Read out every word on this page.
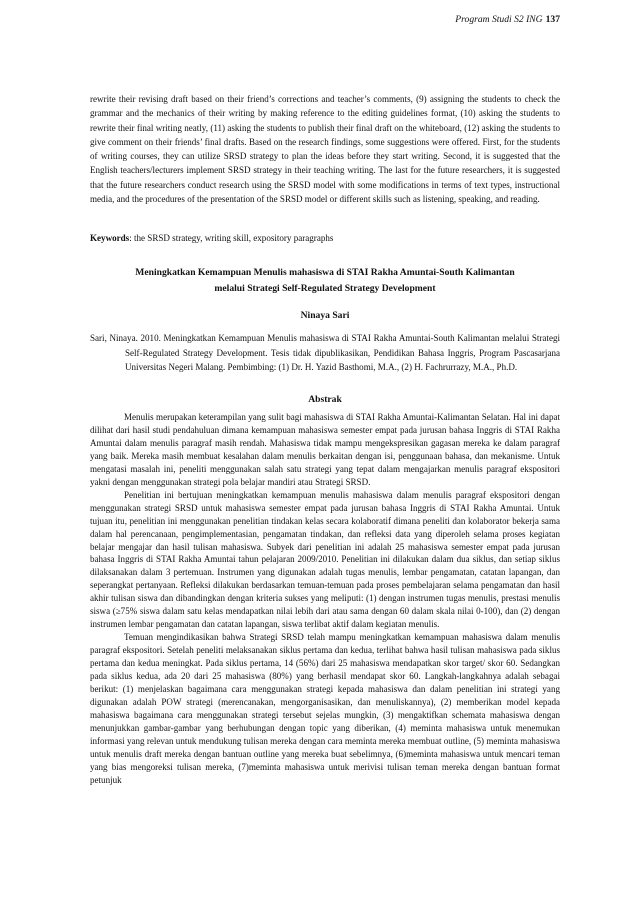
Program Studi S2 ING 137

rewrite their revising draft based on their friend’s corrections and teacher’s comments, (9) assigning the students to check the grammar and the mechanics of their writing by making reference to the editing guidelines format, (10) asking the students to rewrite their final writing neatly, (11) asking the students to publish their final draft on the whiteboard, (12) asking the students to give comment on their friends’ final drafts. Based on the research findings, some suggestions were offered. First, for the students of writing courses, they can utilize SRSD strategy to plan the ideas before they start writing. Second, it is suggested that the English teachers/lecturers implement SRSD strategy in their teaching writing. The last for the future researchers, it is suggested that the future researchers conduct research using the SRSD model with some modifications in terms of text types, instructional media, and the procedures of the presentation of the SRSD model or different skills such as listening, speaking, and reading.

Keywords: the SRSD strategy, writing skill, expository paragraphs
Meningkatkan Kemampuan Menulis mahasiswa di STAI Rakha Amuntai-South Kalimantan
melalui Strategi Self-Regulated Strategy Development
Ninaya Sari

Sari, Ninaya. 2010. Meningkatkan Kemampuan Menulis mahasiswa di STAI Rakha Amuntai-South Kalimantan melalui Strategi Self-Regulated Strategy Development. Tesis tidak dipublikasikan, Pendidikan Bahasa Inggris, Program Pascasarjana Universitas Negeri Malang. Pembimbing: (1) Dr. H. Yazid Basthomi, M.A., (2) H. Fachrurrazy, M.A., Ph.D.

Abstrak

Menulis merupakan keterampilan yang sulit bagi mahasiswa di STAI Rakha Amuntai-Kalimantan Selatan. Hal ini dapat dilihat dari hasil studi pendahuluan dimana kemampuan mahasiswa semester empat pada jurusan bahasa Inggris di STAI Rakha Amuntai dalam menulis paragraf masih rendah. Mahasiswa tidak mampu mengekspresikan gagasan mereka ke dalam paragraf yang baik. Mereka masih membuat kesalahan dalam menulis berkaitan dengan isi, penggunaan bahasa, dan mekanisme. Untuk mengatasi masalah ini, peneliti menggunakan salah satu strategi yang tepat dalam mengajarkan menulis paragraf ekspositori yakni dengan menggunakan strategi pola belajar mandiri atau Strategi SRSD.

Penelitian ini bertujuan meningkatkan kemampuan menulis mahasiswa dalam menulis paragraf ekspositori dengan menggunakan strategi SRSD untuk mahasiswa semester empat pada jurusan bahasa Inggris di STAI Rakha Amuntai. Untuk tujuan itu, penelitian ini menggunakan penelitian tindakan kelas secara kolaboratif dimana peneliti dan kolaborator bekerja sama dalam hal perencanaan, pengimplementasian, pengamatan tindakan, dan refleksi data yang diperoleh selama proses kegiatan belajar mengajar dan hasil tulisan mahasiswa. Subyek dari penelitian ini adalah 25 mahasiswa semester empat pada jurusan bahasa Inggris di STAI Rakha Amuntai tahun pelajaran 2009/2010. Penelitian ini dilakukan dalam dua siklus, dan setiap siklus dilaksanakan dalam 3 pertemuan. Instrumen yang digunakan adalah tugas menulis, lembar pengamatan, catatan lapangan, dan seperangkat pertanyaan. Refleksi dilakukan berdasarkan temuan-temuan pada proses pembelajaran selama pengamatan dan hasil akhir tulisan siswa dan dibandingkan dengan kriteria sukses yang meliputi: (1) dengan instrumen tugas menulis, prestasi menulis siswa (≥75% siswa dalam satu kelas mendapatkan nilai lebih dari atau sama dengan 60 dalam skala nilai 0-100), dan (2) dengan instrumen lembar pengamatan dan catatan lapangan, siswa terlibat aktif dalam kegiatan menulis.

Temuan mengindikasikan bahwa Strategi SRSD telah mampu meningkatkan kemampuan mahasiswa dalam menulis paragraf ekspositori. Setelah peneliti melaksanakan siklus pertama dan kedua, terlihat bahwa hasil tulisan mahasiswa pada siklus pertama dan kedua meningkat. Pada siklus pertama, 14 (56%) dari 25 mahasiswa mendapatkan skor target/ skor 60. Sedangkan pada siklus kedua, ada 20 dari 25 mahasiswa (80%) yang berhasil mendapat skor 60. Langkah-langkahnya adalah sebagai berikut: (1) menjelaskan bagaimana cara menggunakan strategi kepada mahasiswa dan dalam penelitian ini strategi yang digunakan adalah POW strategi (merencanakan, mengorganisasikan, dan menuliskannya), (2) memberikan model kepada mahasiswa bagaimana cara menggunakan strategi tersebut sejelas mungkin, (3) mengaktifkan schemata mahasiswa dengan menunjukkan gambar-gambar yang berhubungan dengan topic yang diberikan, (4) meminta mahasiswa untuk menemukan informasi yang relevan untuk mendukung tulisan mereka dengan cara meminta mereka membuat outline, (5) meminta mahasiswa untuk menulis draft mereka dengan bantuan outline yang mereka buat sebelimnya, (6)meminta mahasiswa untuk mencari teman yang bias mengoreksi tulisan mereka, (7)meminta mahasiswa untuk merivisi tulisan teman mereka dengan bantuan format petunjuk
